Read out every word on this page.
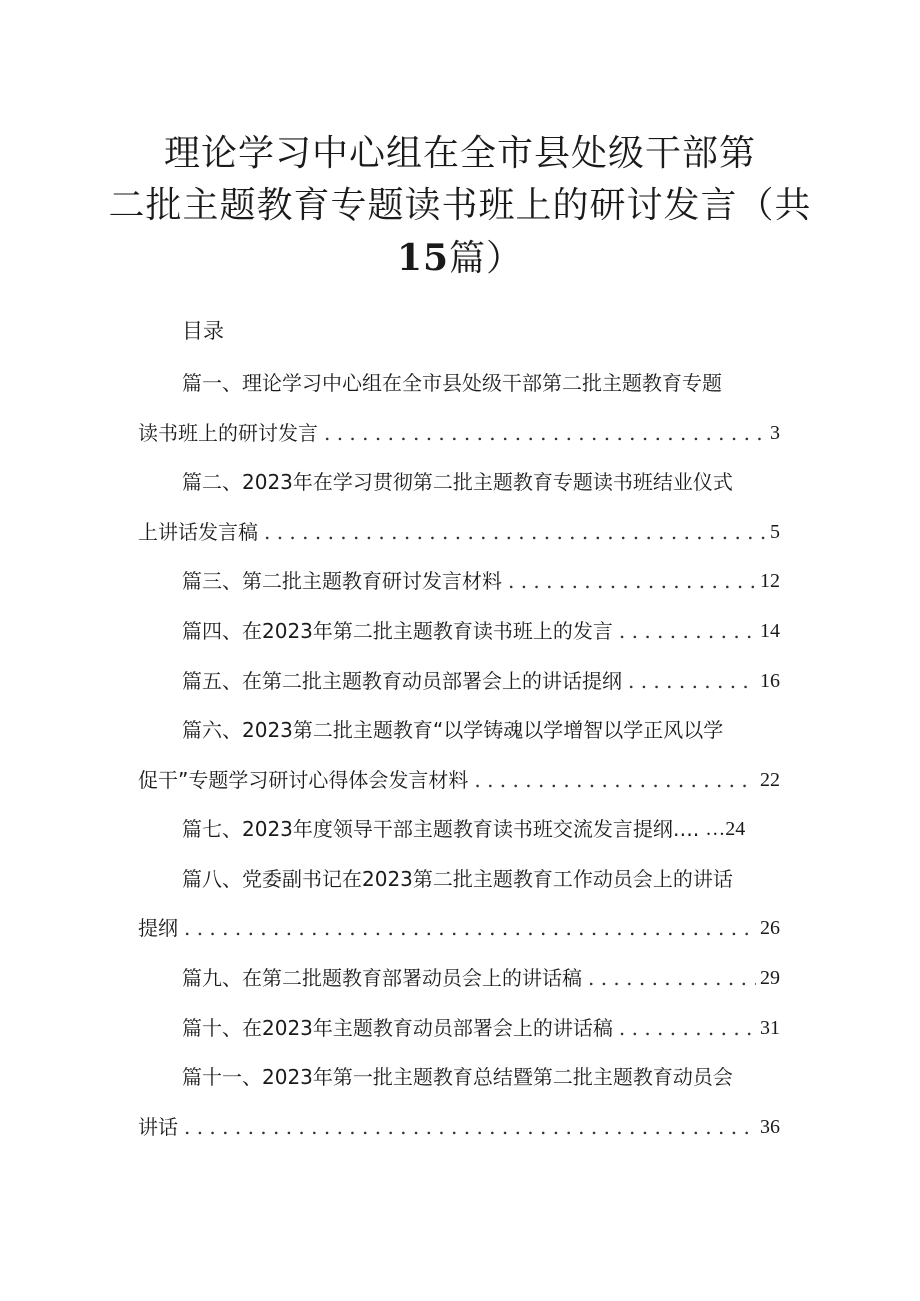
理论学习中心组在全市县处级干部第
二批主题教育专题读书班上的研讨发言（共
15篇）
目录
篇一、理论学习中心组在全市县处级干部第二批主题教育专题
读书班上的研讨发言 . . .	3
篇二、2023年在学习贯彻第二批主题教育专题读书班结业仪式
上讲话发言稿 . . .	5
篇三、第二批主题教育研讨发言材料 . . .	12
篇四、在2023年第二批主题教育读书班上的发言 . . .	14
篇五、在第二批主题教育动员部署会上的讲话提纲 . . .	16
篇六、2023第二批主题教育“以学铸魂以学增智以学正风以学
促干”专题学习研讨心得体会发言材料 . . .	22
篇七、2023年度领导干部主题教育读书班交流发言提纲…. …24
篇八、党委副书记在2023第二批主题教育工作动员会上的讲话
提纲 . . .	26
篇九、在第二批题教育部署动员会上的讲话稿 . . .	29
篇十、在2023年主题教育动员部署会上的讲话稿 . . .	31
篇十一、2023年第一批主题教育总结暨第二批主题教育动员会
讲话 . . .	36
